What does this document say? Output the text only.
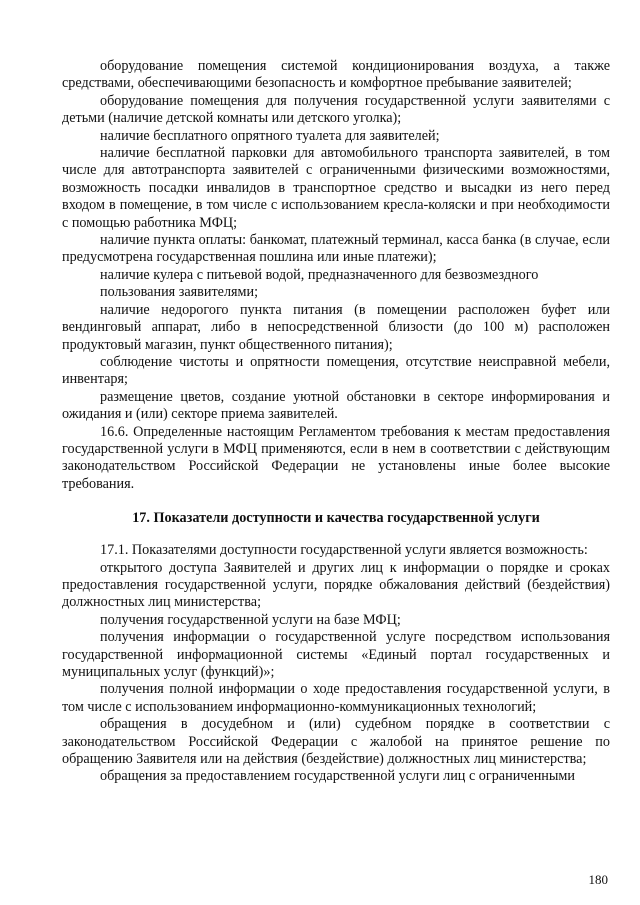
оборудование помещения системой кондиционирования воздуха, а также средствами, обеспечивающими безопасность и комфортное пребывание заявителей;

оборудование помещения для получения государственной услуги заявителями с детьми (наличие детской комнаты или детского уголка);

наличие бесплатного опрятного туалета для заявителей;

наличие бесплатной парковки для автомобильного транспорта заявителей, в том числе для автотранспорта заявителей с ограниченными физическими возможностями, возможность посадки инвалидов в транспортное средство и высадки из него перед входом в помещение, в том числе с использованием кресла-коляски и при необходимости с помощью работника МФЦ;

наличие пункта оплаты: банкомат, платежный терминал, касса банка (в случае, если предусмотрена государственная пошлина или иные платежи);

наличие кулера с питьевой водой, предназначенного для безвозмездного

пользования заявителями;

наличие недорогого пункта питания (в помещении расположен буфет или вендинговый аппарат, либо в непосредственной близости (до 100 м) расположен продуктовый магазин, пункт общественного питания);

соблюдение чистоты и опрятности помещения, отсутствие неисправной мебели, инвентаря;

размещение цветов, создание уютной обстановки в секторе информирования и ожидания и (или) секторе приема заявителей.

16.6. Определенные настоящим Регламентом требования к местам предоставления государственной услуги в МФЦ применяются, если в нем в соответствии с действующим законодательством Российской Федерации не установлены иные более высокие требования.

17. Показатели доступности и качества государственной услуги

17.1. Показателями доступности государственной услуги является возможность:

открытого доступа Заявителей и других лиц к информации о порядке и сроках предоставления государственной услуги, порядке обжалования действий (бездействия) должностных лиц министерства;

получения государственной услуги на базе МФЦ;

получения информации о государственной услуге посредством использования государственной информационной системы «Единый портал государственных и муниципальных услуг (функций)»;

получения полной информации о ходе предоставления государственной услуги, в том числе с использованием информационно-коммуникационных технологий;

обращения в досудебном и (или) судебном порядке в соответствии с законодательством Российской Федерации с жалобой на принятое решение по обращению Заявителя или на действия (бездействие) должностных лиц министерства;

обращения за предоставлением государственной услуги лиц с ограниченными

180
